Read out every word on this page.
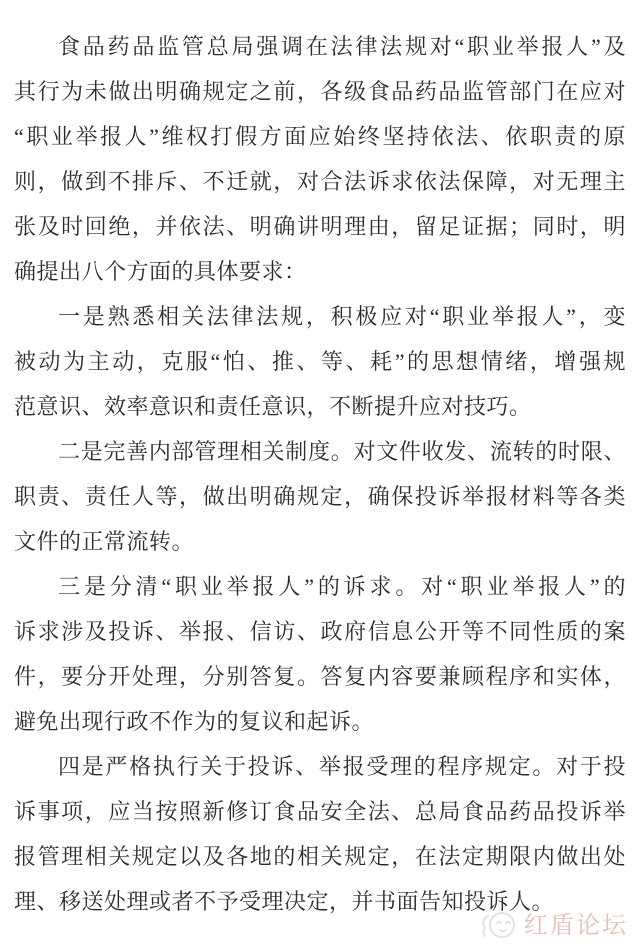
食品药品监管总局强调在法律法规对“职业举报人”及
其行为未做出明确规定之前，各级食品药品监管部门在应对
“职业举报人”维权打假方面应始终坚持依法、依职责的原
则，做到不排斥、不迁就，对合法诉求依法保障，对无理主
张及时回绝，并依法、明确讲明理由，留足证据；同时，明
确提出八个方面的具体要求：
一是熟悉相关法律法规，积极应对“职业举报人”，变
被动为主动，克服“怕、推、等、耗”的思想情绪，增强规
范意识、效率意识和责任意识，不断提升应对技巧。
二是完善内部管理相关制度。对文件收发、流转的时限、
职责、责任人等，做出明确规定，确保投诉举报材料等各类
文件的正常流转。
三是分清“职业举报人”的诉求。对“职业举报人”的
诉求涉及投诉、举报、信访、政府信息公开等不同性质的案
件，要分开处理，分别答复。答复内容要兼顾程序和实体，
避免出现行政不作为的复议和起诉。
四是严格执行关于投诉、举报受理的程序规定。对于投
诉事项，应当按照新修订食品安全法、总局食品药品投诉举
报管理相关规定以及各地的相关规定，在法定期限内做出处
理、移送处理或者不予受理决定，并书面告知投诉人。
红盾论坛
